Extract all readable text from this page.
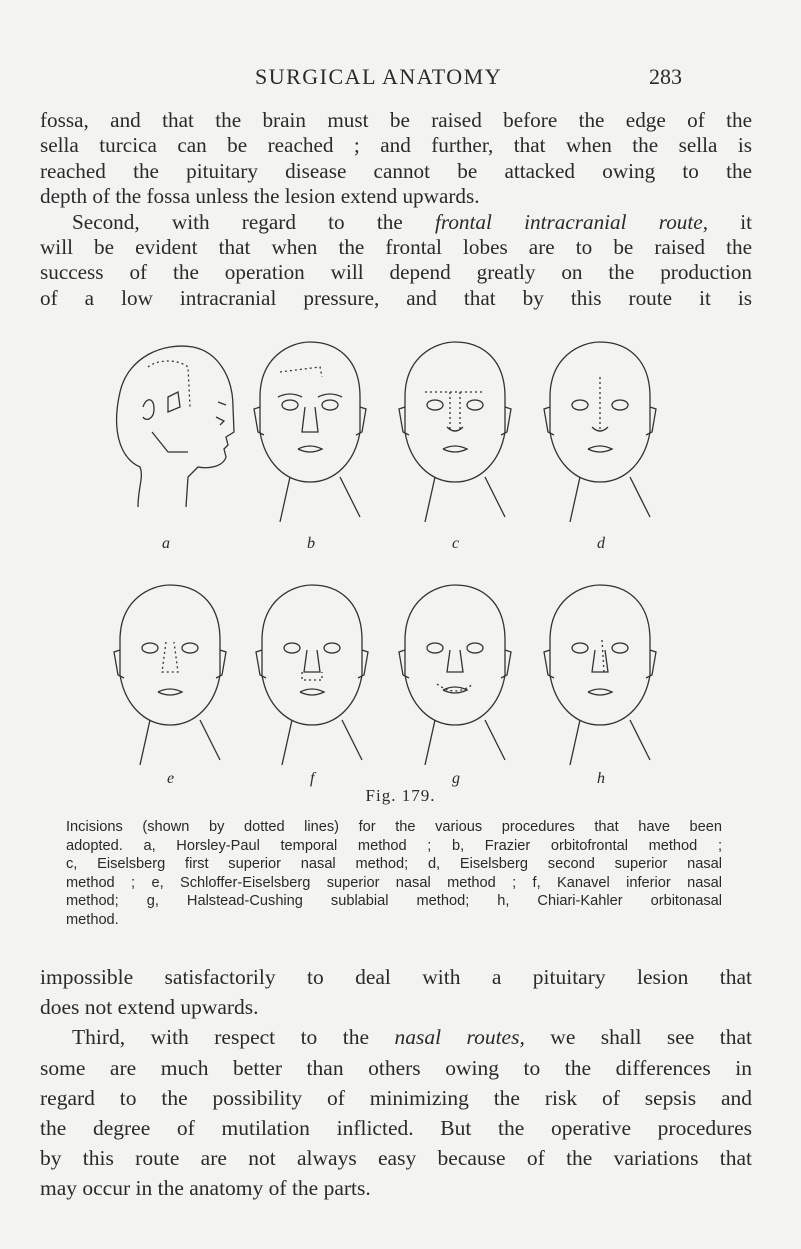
SURGICAL ANATOMY	283
fossa, and that the brain must be raised before the edge of the
sella turcica can be reached ; and further, that when the sella is
reached the pituitary disease cannot be attacked owing to the
depth of the fossa unless the lesion extend upwards.
Second, with regard to the frontal intracranial route, it
will be evident that when the frontal lobes are to be raised the
success of the operation will depend greatly on the production
of a low intracranial pressure, and that by this route it is
a	b	c	d
e	f	g	h
Fig. 179.
Incisions (shown by dotted lines) for the various procedures that have been
adopted. a, Horsley-Paul temporal method ; b, Frazier orbitofrontal method ;
c, Eiselsberg first superior nasal method; d, Eiselsberg second superior nasal
method ; e, Schloffer-Eiselsberg superior nasal method ; f, Kanavel inferior nasal
method; g, Halstead-Cushing sublabial method; h, Chiari-Kahler orbitonasal
method.
impossible satisfactorily to deal with a pituitary lesion that
does not extend upwards.
Third, with respect to the nasal routes, we shall see that
some are much better than others owing to the differences in
regard to the possibility of minimizing the risk of sepsis and
the degree of mutilation inflicted. But the operative procedures
by this route are not always easy because of the variations that
may occur in the anatomy of the parts.
